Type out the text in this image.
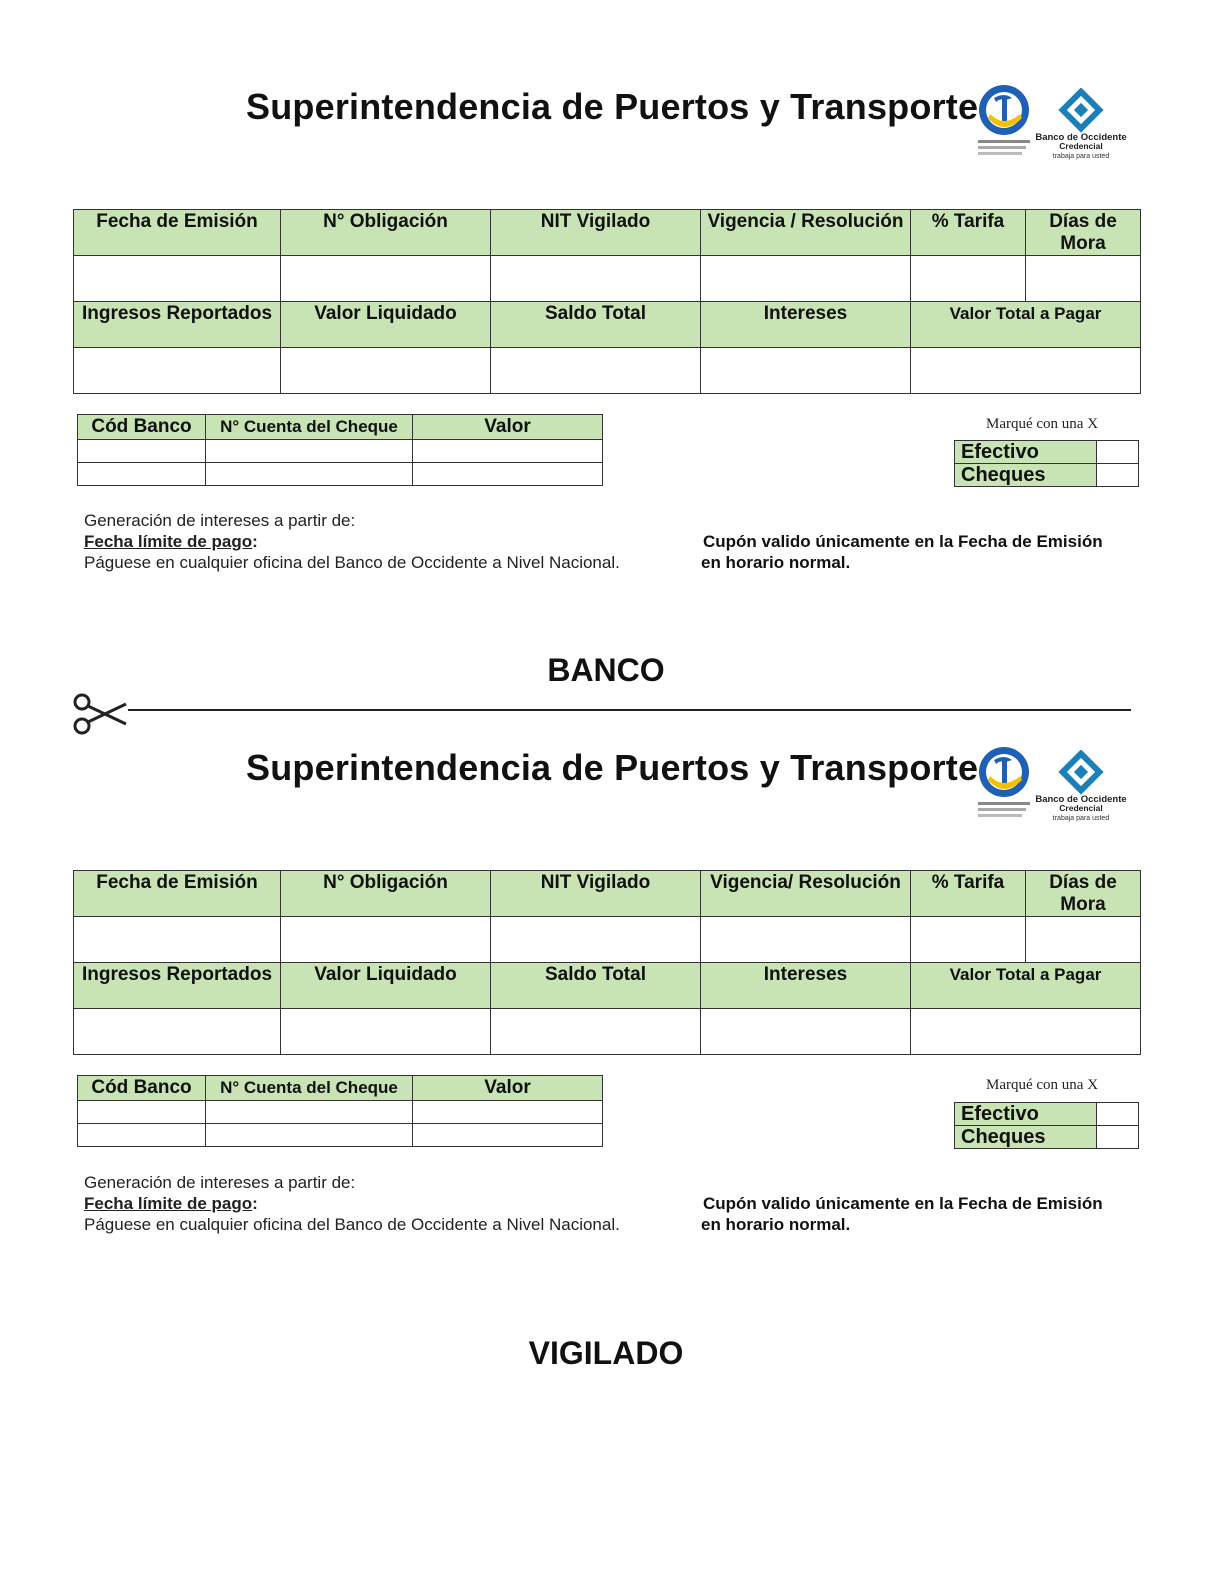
Superintendencia de Puertos y Transporte
Banco de Occidente
Credencial
trabaja para usted
Fecha de Emisión	N° Obligación	NIT Vigilado	Vigencia / Resolución	% Tarifa	Días de Mora

Ingresos Reportados	Valor Liquidado	Saldo Total	Intereses	Valor Total a Pagar	

Cód Banco	N° Cuenta del Cheque	Valor

			Marqué con una X
Efectivo	
Cheques	
Generación de intereses a partir de:
Fecha límite de pago:
Páguese en cualquier oficina del Banco de Occidente a Nivel Nacional.
Cupón valido únicamente en la Fecha de Emisión
en horario normal.
BANCO
Superintendencia de Puertos y Transporte
Banco de Occidente
Credencial
trabaja para usted
Fecha de Emisión	N° Obligación	NIT Vigilado	Vigencia/ Resolución	% Tarifa	Días de Mora

Ingresos Reportados	Valor Liquidado	Saldo Total	Intereses	Valor Total a Pagar	

Cód Banco	N° Cuenta del Cheque	Valor

			Marqué con una X
Efectivo	
Cheques	
Generación de intereses a partir de:
Fecha límite de pago:
Páguese en cualquier oficina del Banco de Occidente a Nivel Nacional.
Cupón valido únicamente en la Fecha de Emisión
en horario normal.
VIGILADO
